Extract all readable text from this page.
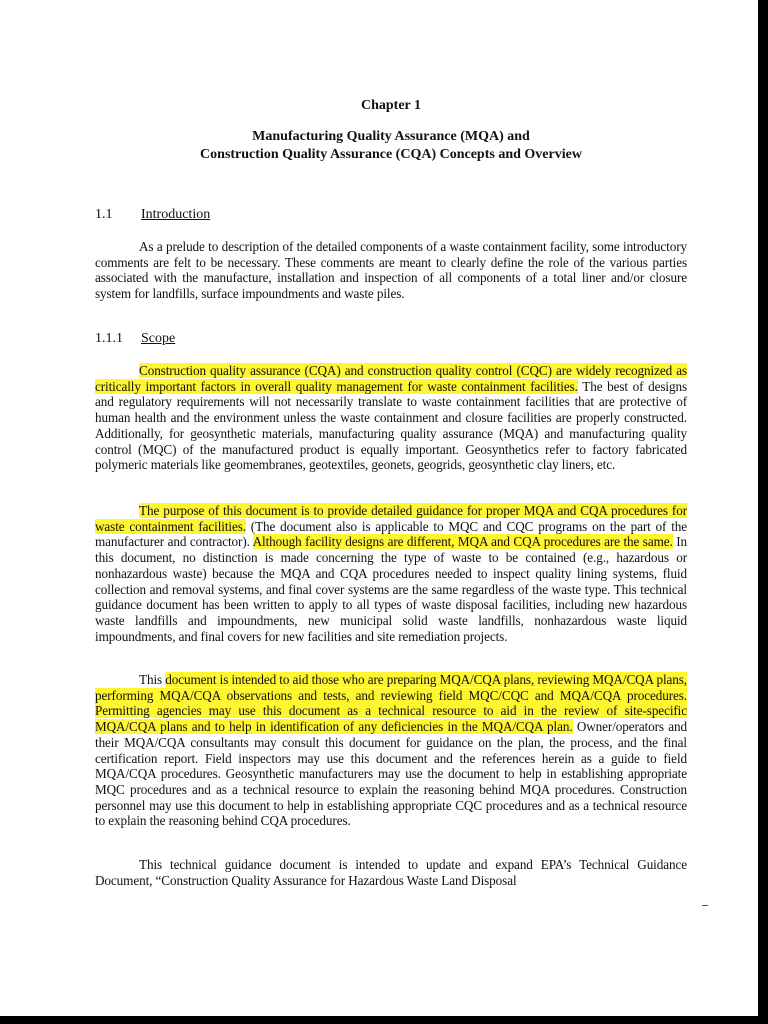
Chapter 1
Manufacturing Quality Assurance (MQA) and
Construction Quality Assurance (CQA) Concepts and Overview
1.1 Introduction
As a prelude to description of the detailed components of a waste containment facility, some introductory comments are felt to be necessary. These comments are meant to clearly define the role of the various parties associated with the manufacture, installation and inspection of all components of a total liner and/or closure system for landfills, surface impoundments and waste piles.
1.1.1 Scope
Construction quality assurance (CQA) and construction quality control (CQC) are widely recognized as critically important factors in overall quality management for waste containment facilities. The best of designs and regulatory requirements will not necessarily translate to waste containment facilities that are protective of human health and the environment unless the waste containment and closure facilities are properly constructed. Additionally, for geosynthetic materials, manufacturing quality assurance (MQA) and manufacturing quality control (MQC) of the manufactured product is equally important. Geosynthetics refer to factory fabricated polymeric materials like geomembranes, geotextiles, geonets, geogrids, geosynthetic clay liners, etc.
The purpose of this document is to provide detailed guidance for proper MQA and CQA procedures for waste containment facilities. (The document also is applicable to MQC and CQC programs on the part of the manufacturer and contractor). Although facility designs are different, MQA and CQA procedures are the same. In this document, no distinction is made concerning the type of waste to be contained (e.g., hazardous or nonhazardous waste) because the MQA and CQA procedures needed to inspect quality lining systems, fluid collection and removal systems, and final cover systems are the same regardless of the waste type. This technical guidance document has been written to apply to all types of waste disposal facilities, including new hazardous waste landfills and impoundments, new municipal solid waste landfills, nonhazardous waste liquid impoundments, and final covers for new facilities and site remediation projects.
This document is intended to aid those who are preparing MQA/CQA plans, reviewing MQA/CQA plans, performing MQA/CQA observations and tests, and reviewing field MQC/CQC and MQA/CQA procedures. Permitting agencies may use this document as a technical resource to aid in the review of site-specific MQA/CQA plans and to help in identification of any deficiencies in the MQA/CQA plan. Owner/operators and their MQA/CQA consultants may consult this document for guidance on the plan, the process, and the final certification report. Field inspectors may use this document and the references herein as a guide to field MQA/CQA procedures. Geosynthetic manufacturers may use the document to help in establishing appropriate MQC procedures and as a technical resource to explain the reasoning behind MQA procedures. Construction personnel may use this document to help in establishing appropriate CQC procedures and as a technical resource to explain the reasoning behind CQA procedures.
This technical guidance document is intended to update and expand EPA’s Technical Guidance Document, “Construction Quality Assurance for Hazardous Waste Land Disposal
